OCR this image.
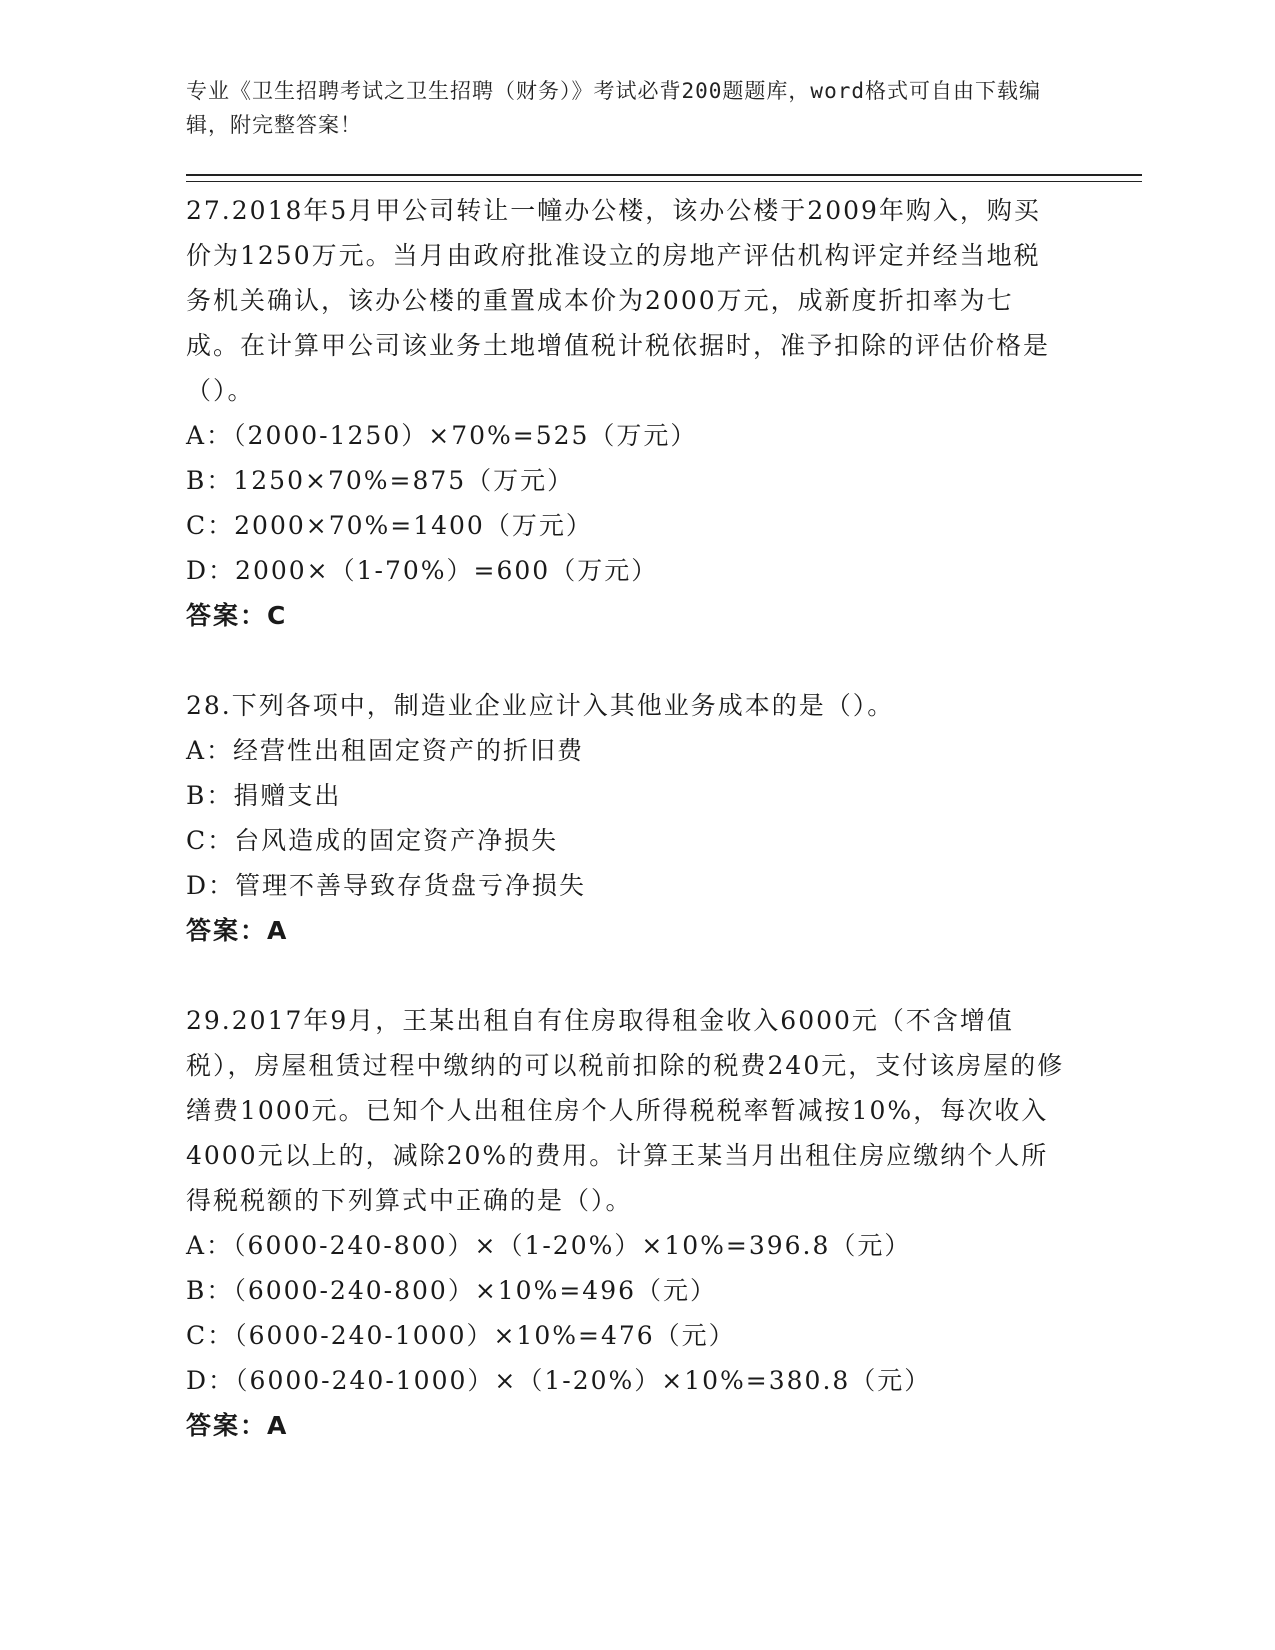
专业《卫生招聘考试之卫生招聘（财务）》考试必背200题题库，word格式可自由下载编辑，附完整答案！
27.2018年5月甲公司转让一幢办公楼，该办公楼于2009年购入，购买价为1250万元。当月由政府批准设立的房地产评估机构评定并经当地税务机关确认，该办公楼的重置成本价为2000万元，成新度折扣率为七成。在计算甲公司该业务土地增值税计税依据时，准予扣除的评估价格是（）。
A：（2000-1250）×70%=525（万元）
B：1250×70%=875（万元）
C：2000×70%=1400（万元）
D：2000×（1-70%）=600（万元）
答案：C
28.下列各项中，制造业企业应计入其他业务成本的是（）。
A：经营性出租固定资产的折旧费
B：捐赠支出
C：台风造成的固定资产净损失
D：管理不善导致存货盘亏净损失
答案：A
29.2017年9月，王某出租自有住房取得租金收入6000元（不含增值税），房屋租赁过程中缴纳的可以税前扣除的税费240元，支付该房屋的修缮费1000元。已知个人出租住房个人所得税税率暂减按10%，每次收入4000元以上的，减除20%的费用。计算王某当月出租住房应缴纳个人所得税税额的下列算式中正确的是（）。
A：（6000-240-800）×（1-20%）×10%=396.8（元）
B：（6000-240-800）×10%=496（元）
C：（6000-240-1000）×10%=476（元）
D：（6000-240-1000）×（1-20%）×10%=380.8（元）
答案：A
